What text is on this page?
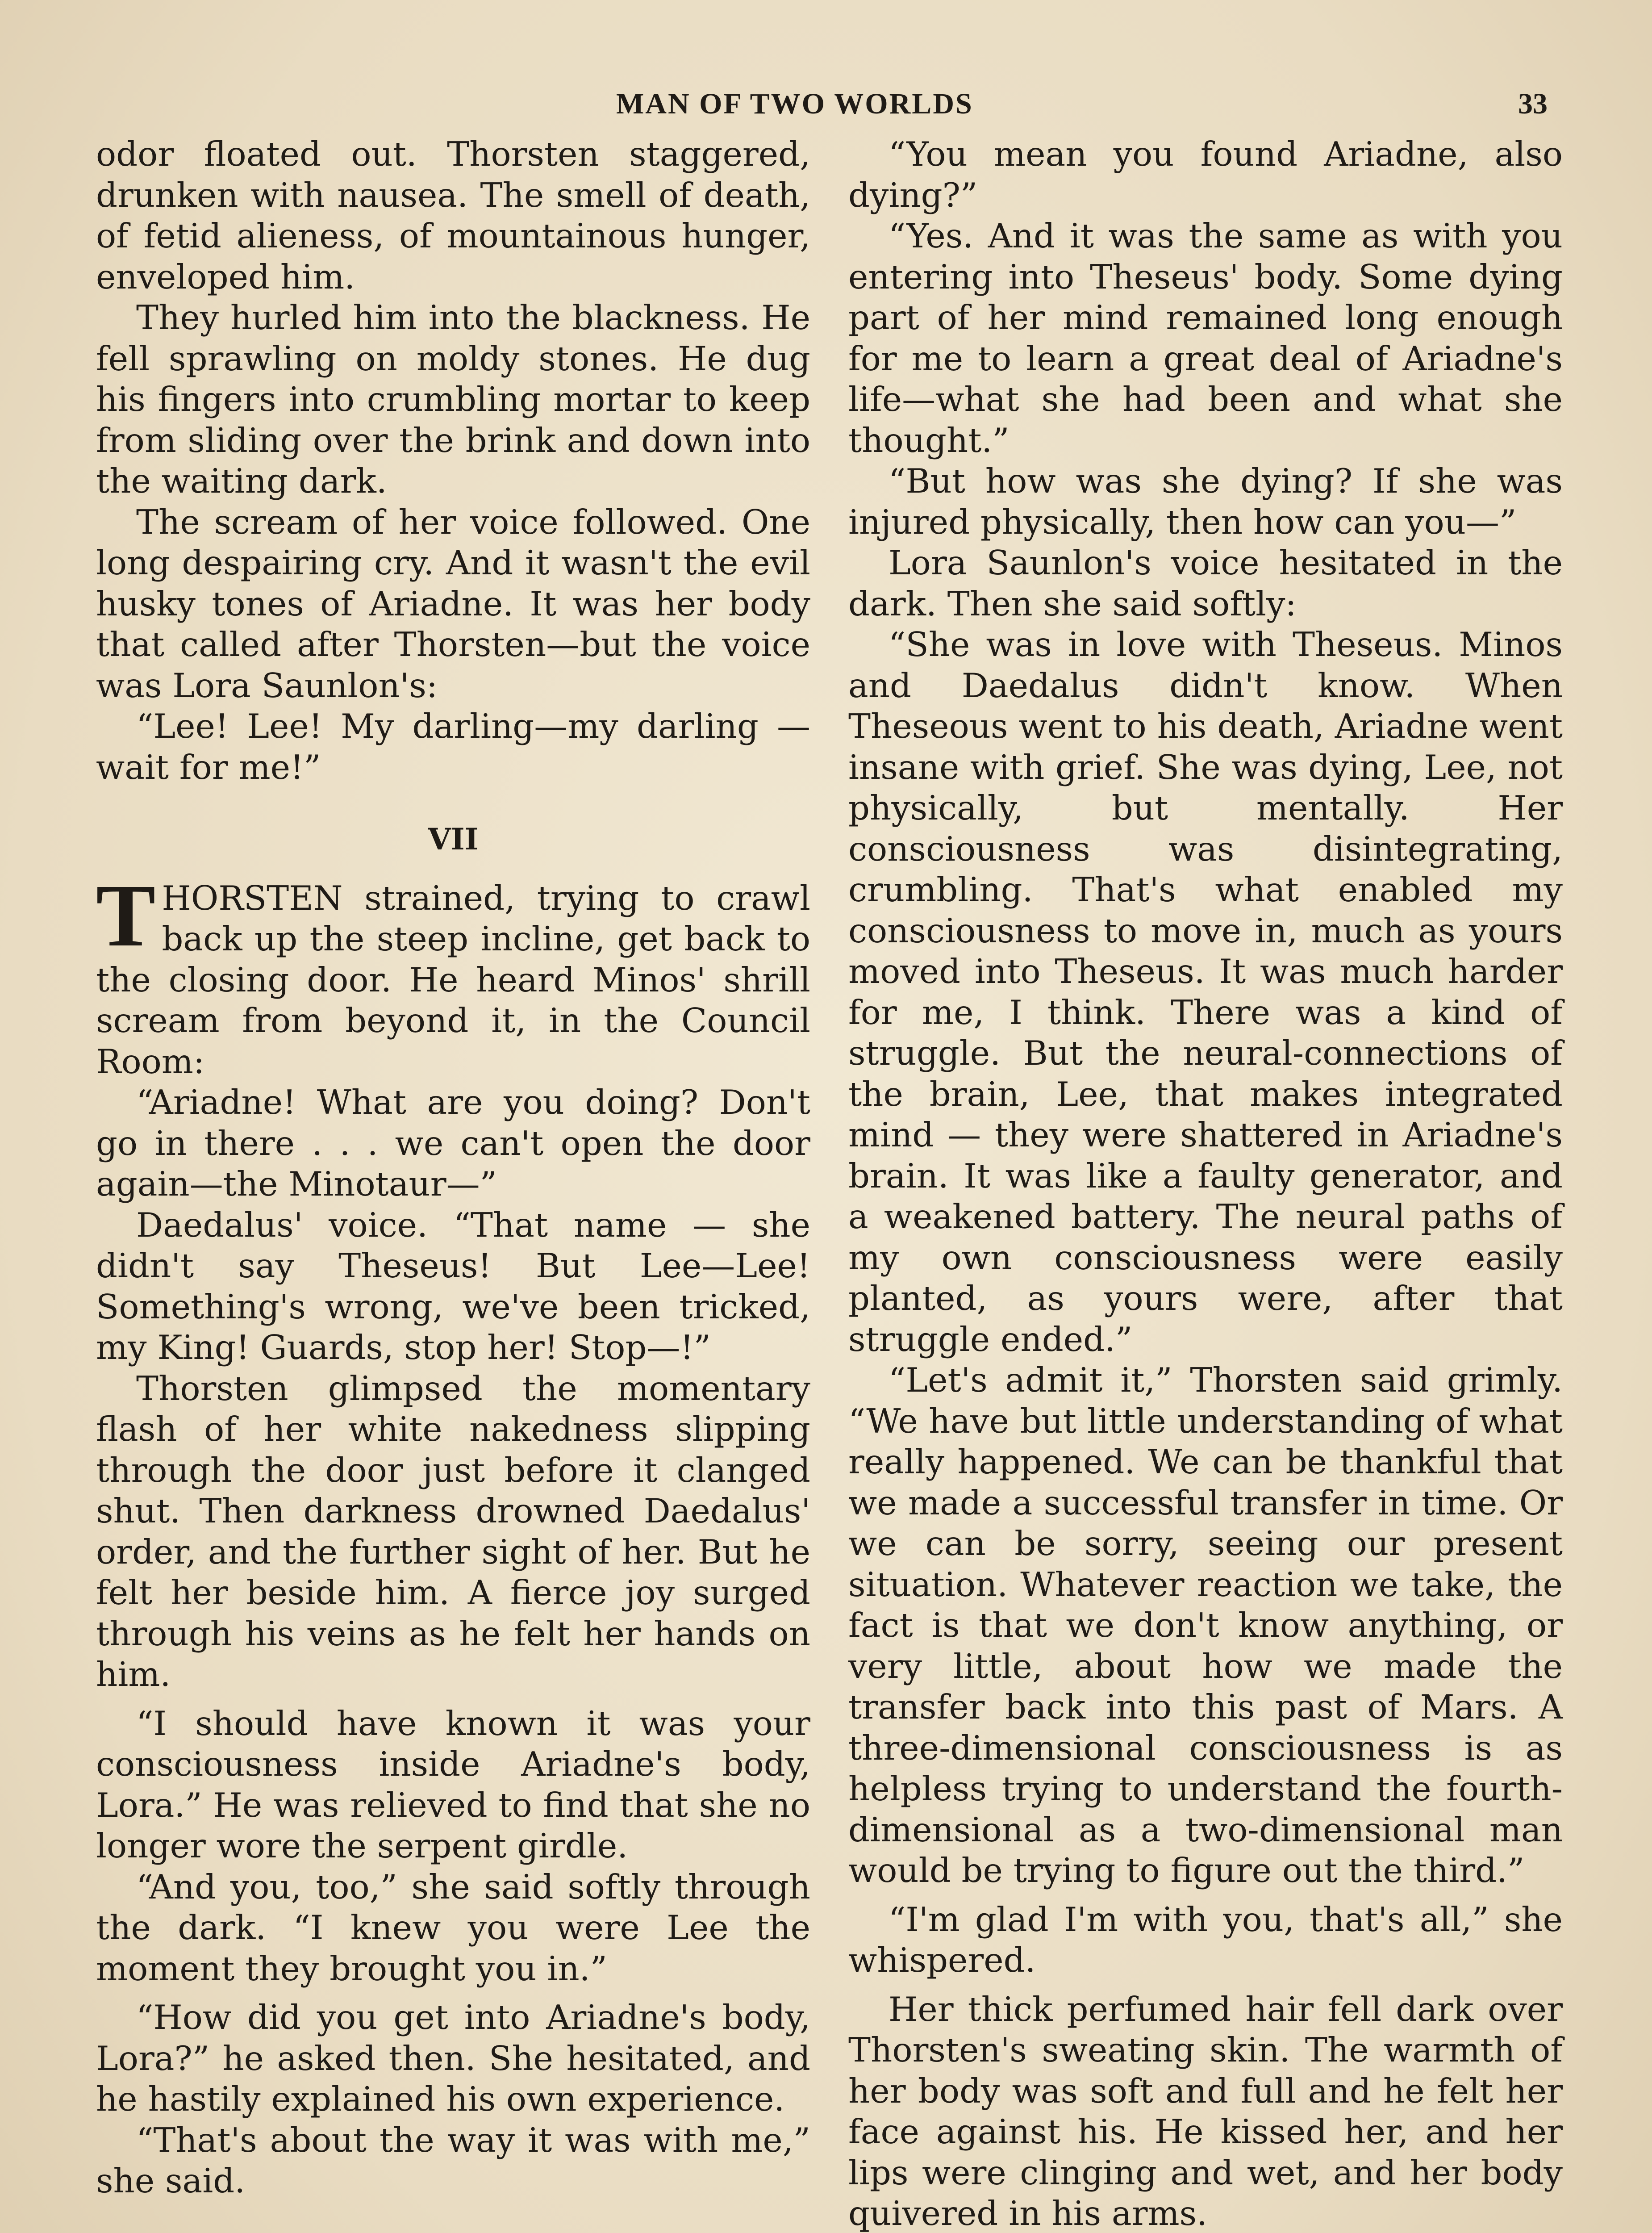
MAN OF TWO WORLDS	33

odor floated out. Thorsten staggered, drunken with nausea. The smell of death, of fetid alieness, of mountainous hunger, enveloped him.

They hurled him into the blackness. He fell sprawling on moldy stones. He dug his fingers into crumbling mortar to keep from sliding over the brink and down into the waiting dark.

The scream of her voice followed. One long despairing cry. And it wasn't the evil husky tones of Ariadne. It was her body that called after Thorsten—but the voice was Lora Saunlon's:

“Lee! Lee! My darling—my darling —wait for me!”

VII

THORSTEN strained, trying to crawl back up the steep incline, get back to the closing door. He heard Minos' shrill scream from beyond it, in the Council Room:

“Ariadne! What are you doing? Don't go in there . . . we can't open the door again—the Minotaur—”

Daedalus' voice. “That name — she didn't say Theseus! But Lee—Lee! Something's wrong, we've been tricked, my King! Guards, stop her! Stop—!”

Thorsten glimpsed the momentary flash of her white nakedness slipping through the door just before it clanged shut. Then darkness drowned Daedalus' order, and the further sight of her. But he felt her beside him. A fierce joy surged through his veins as he felt her hands on him.

“I should have known it was your consciousness inside Ariadne's body, Lora.” He was relieved to find that she no longer wore the serpent girdle.

“And you, too,” she said softly through the dark. “I knew you were Lee the moment they brought you in.”

“How did you get into Ariadne's body, Lora?” he asked then. She hesitated, and he hastily explained his own experience.

“That's about the way it was with me,” she said.

“You mean you found Ariadne, also dying?”

“Yes. And it was the same as with you entering into Theseus' body. Some dying part of her mind remained long enough for me to learn a great deal of Ariadne's life—what she had been and what she thought.”

“But how was she dying? If she was injured physically, then how can you—”

Lora Saunlon's voice hesitated in the dark. Then she said softly:

“She was in love with Theseus. Minos and Daedalus didn't know. When Theseous went to his death, Ariadne went insane with grief. She was dying, Lee, not physically, but mentally. Her consciousness was disintegrating, crumbling. That's what enabled my consciousness to move in, much as yours moved into Theseus. It was much harder for me, I think. There was a kind of struggle. But the neural-connections of the brain, Lee, that makes integrated mind — they were shattered in Ariadne's brain. It was like a faulty generator, and a weakened battery. The neural paths of my own consciousness were easily planted, as yours were, after that struggle ended.”

“Let's admit it,” Thorsten said grimly. “We have but little understanding of what really happened. We can be thankful that we made a successful transfer in time. Or we can be sorry, seeing our present situation. Whatever reaction we take, the fact is that we don't know anything, or very little, about how we made the transfer back into this past of Mars. A three-dimensional consciousness is as helpless trying to understand the fourth-dimensional as a two-dimensional man would be trying to figure out the third.”

“I'm glad I'm with you, that's all,” she whispered.

Her thick perfumed hair fell dark over Thorsten's sweating skin. The warmth of her body was soft and full and he felt her face against his. He kissed her, and her lips were clinging and wet, and her body quivered in his arms.
